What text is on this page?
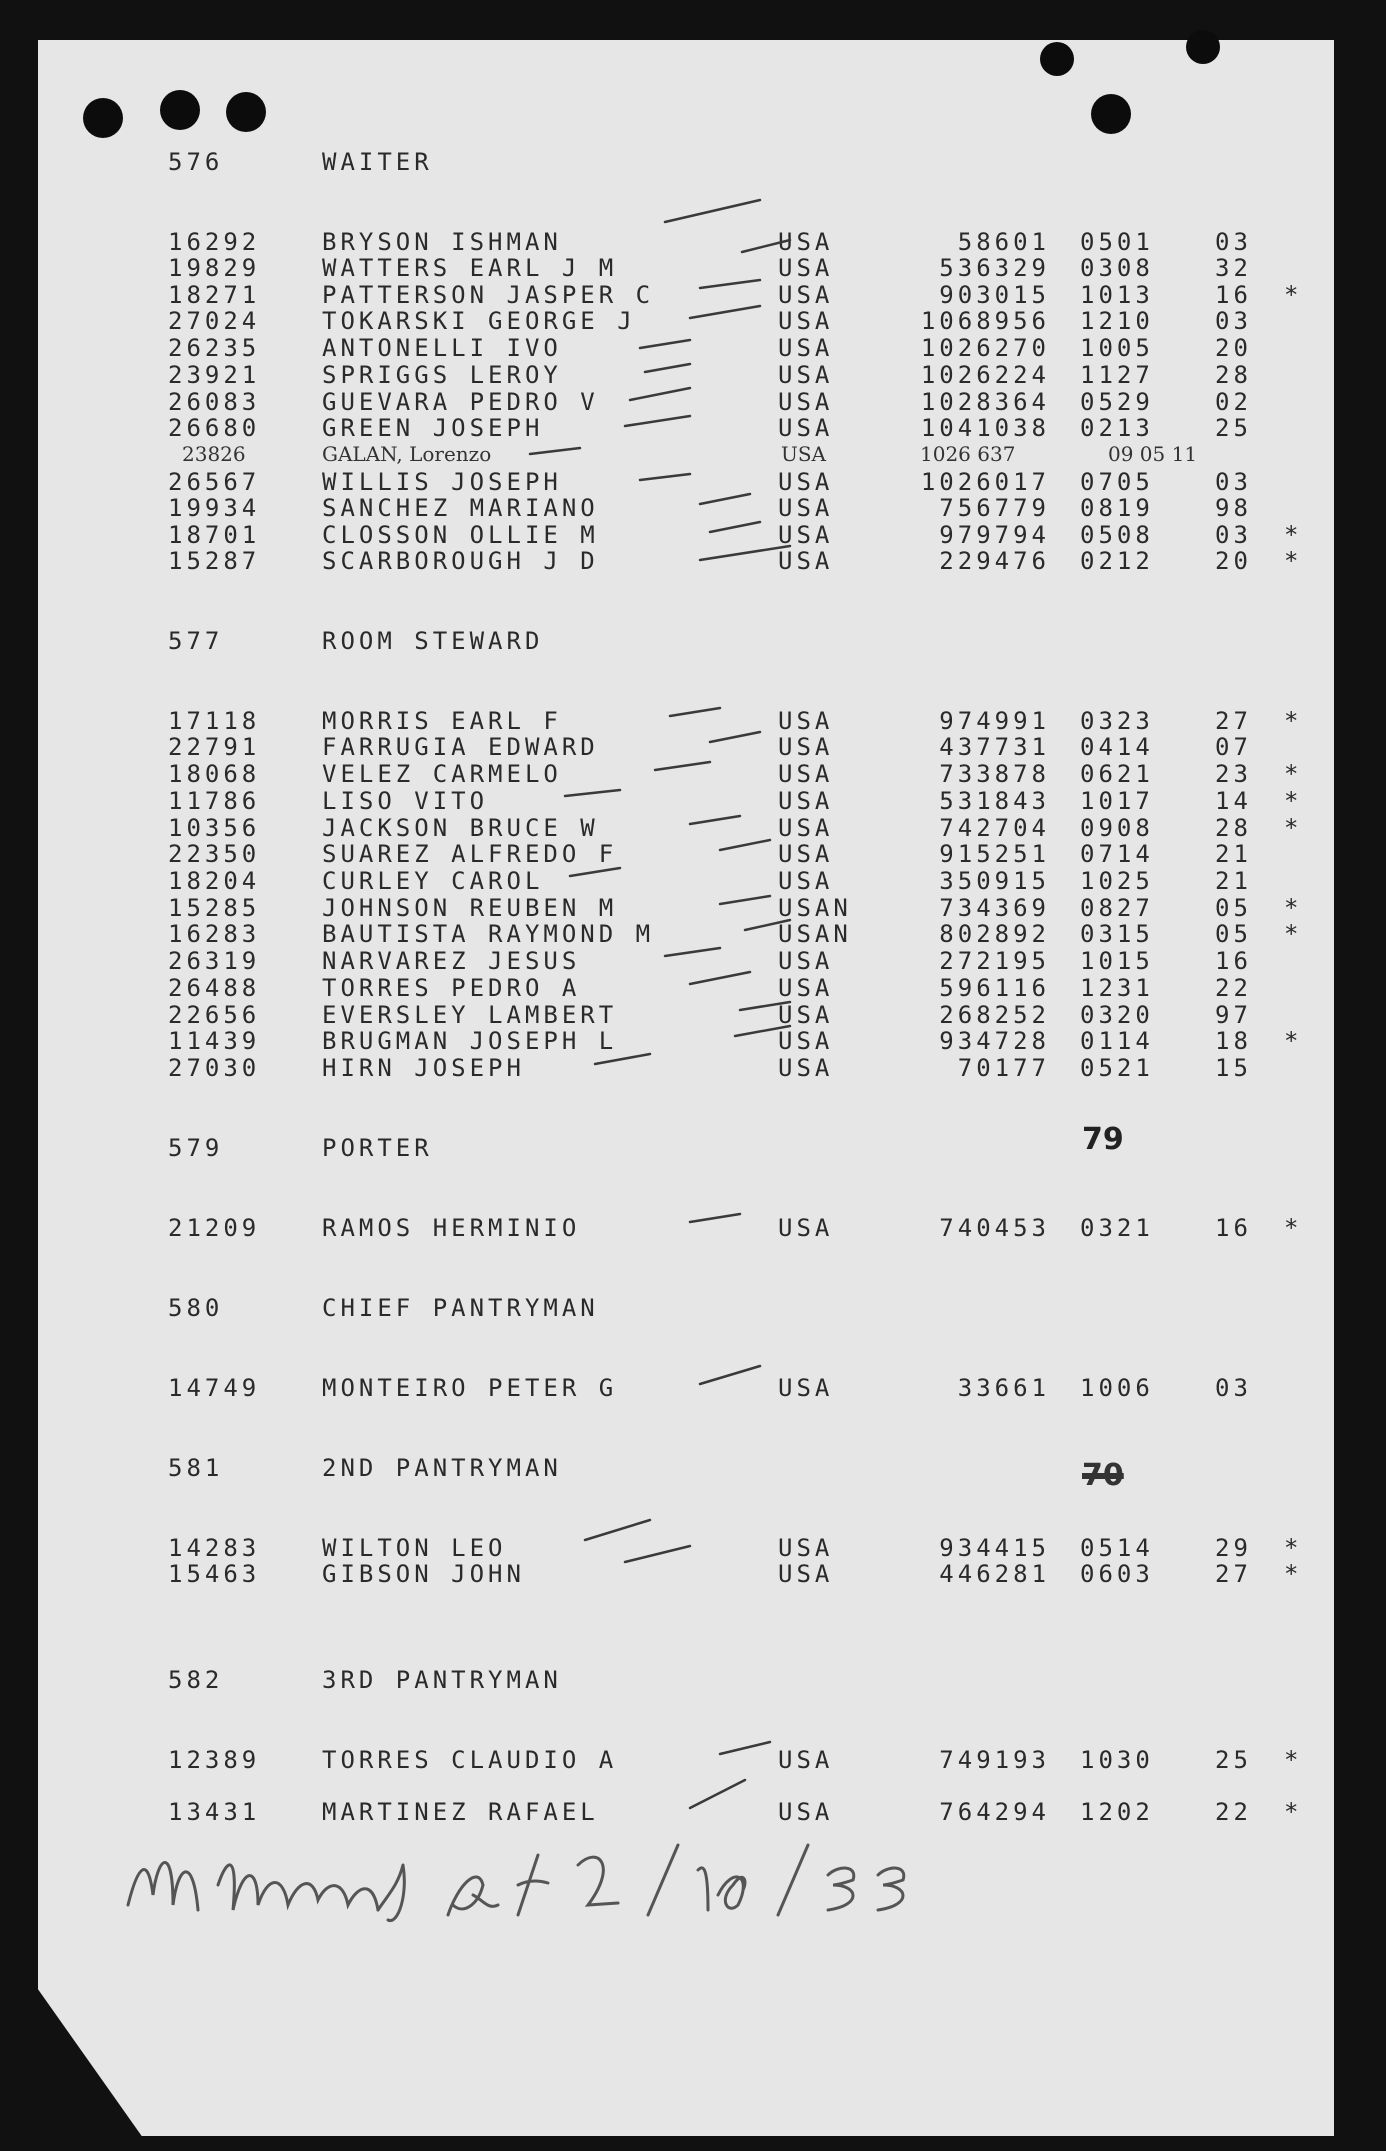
576	WAITER
16292	BRYSON ISHMAN	USA	58601 0501	03
19829	WATTERS EARL J M	USA	536329 0308	32
18271	PATTERSON JASPER C	USA	903015 1013	16 *
27024	TOKARSKI GEORGE J	USA	1068956 1210	03
26235	ANTONELLI IVO	USA	1026270 1005	20
23921	SPRIGGS LEROY	USA	1026224 1127	28
26083	GUEVARA PEDRO V	USA	1028364 0529	02
26680	GREEN JOSEPH	USA	1041038 0213	25
23826	GALAN, Lorenzo	USA	1026 637	09 05 11
26567	WILLIS JOSEPH	USA	1026017 0705	03
19934	SANCHEZ MARIANO	USA	756779 0819	98
18701	CLOSSON OLLIE M	USA	979794 0508	03 *
15287	SCARBOROUGH J D	USA	229476 0212	20 *
577	ROOM STEWARD
17118	MORRIS EARL F	USA	974991 0323	27 *
22791	FARRUGIA EDWARD	USA	437731 0414	07
18068	VELEZ CARMELO	USA	733878 0621	23 *
11786	LISO VITO	USA	531843 1017	14 *
10356	JACKSON BRUCE W	USA	742704 0908	28 *
22350	SUAREZ ALFREDO F	USA	915251 0714	21
18204	CURLEY CAROL	USA	350915 1025	21
15285	JOHNSON REUBEN M	USAN	734369 0827	05 *
16283	BAUTISTA RAYMOND M	USAN	802892 0315	05 *
26319	NARVAREZ JESUS	USA	272195 1015	16
26488	TORRES PEDRO A	USA	596116 1231	22
22656	EVERSLEY LAMBERT	USA	268252 0320	97
11439	BRUGMAN JOSEPH L	USA	934728 0114	18 *
27030	HIRN JOSEPH	USA	70177 0521	15
579	PORTER	79
21209	RAMOS HERMINIO	USA	740453 0321	16 *
580	CHIEF PANTRYMAN
14749	MONTEIRO PETER G	USA	33661 1006	03
581	2ND PANTRYMAN	70
14283	WILTON LEO	USA	934415 0514	29 *
15463	GIBSON JOHN	USA	446281 0603	27 *
582	3RD PANTRYMAN
12389	TORRES CLAUDIO A	USA	749193 1030	25 *
13431	MARTINEZ RAFAEL	USA	764294 1202	22 *
